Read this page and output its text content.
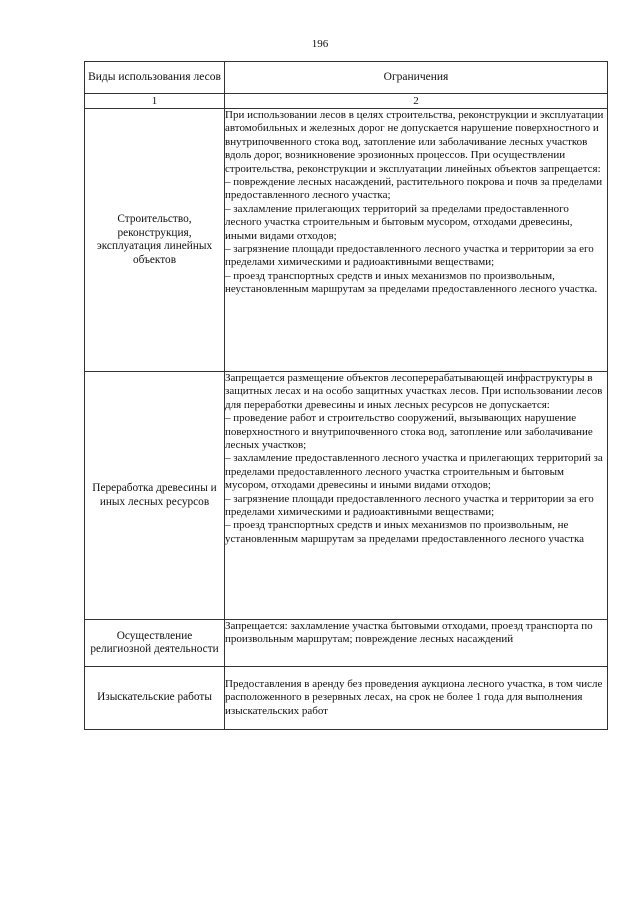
196
Виды использования лесов	Ограничения
1	2
Строительство, реконструкция, эксплуатация линейных объектов	При использовании лесов в целях строительства, реконструкции и эксплуатации автомобильных и железных дорог не допускается нарушение поверхностного и внутрипочвенного стока вод, затопление или заболачивание лесных участков вдоль дорог, возникновение эрозионных процессов. При осуществлении строительства, реконструкции и эксплуатации линейных объектов запрещается:

– повреждение лесных насаждений, растительного покрова и почв за пределами предоставленного лесного участка;

– захламление прилегающих территорий за пределами предоставленного лесного участка строительным и бытовым мусором, отходами древесины, иными видами отходов;

– загрязнение площади предоставленного лесного участка и территории за его пределами химическими и радиоактивными веществами;

– проезд транспортных средств и иных механизмов по произвольным, неустановленным маршрутам за пределами предоставленного лесного участка.

Переработка древесины и иных лесных ресурсов	Запрещается размещение объектов лесоперерабатывающей инфраструктуры в защитных лесах и на особо защитных участках лесов. При использовании лесов для переработки древесины и иных лесных ресурсов не допускается:

– проведение работ и строительство сооружений, вызывающих нарушение поверхностного и внутрипочвенного стока вод, затопление или заболачивание лесных участков;

– захламление предоставленного лесного участка и прилегающих территорий за пределами предоставленного лесного участка строительным и бытовым мусором, отходами древесины и иными видами отходов;

– загрязнение площади предоставленного лесного участка и территории за его пределами химическими и радиоактивными веществами;

– проезд транспортных средств и иных механизмов по произвольным, не установленным маршрутам за пределами предоставленного лесного участка

Осуществление религиозной деятельности	Запрещается: захламление участка бытовыми отходами, проезд транспорта по произвольным маршрутам; повреждение лесных насаждений

Изыскательские работы	Предоставления в аренду без проведения аукциона лесного участка, в том числе расположенного в резервных лесах, на срок не более 1 года для выполнения изыскательских работ
